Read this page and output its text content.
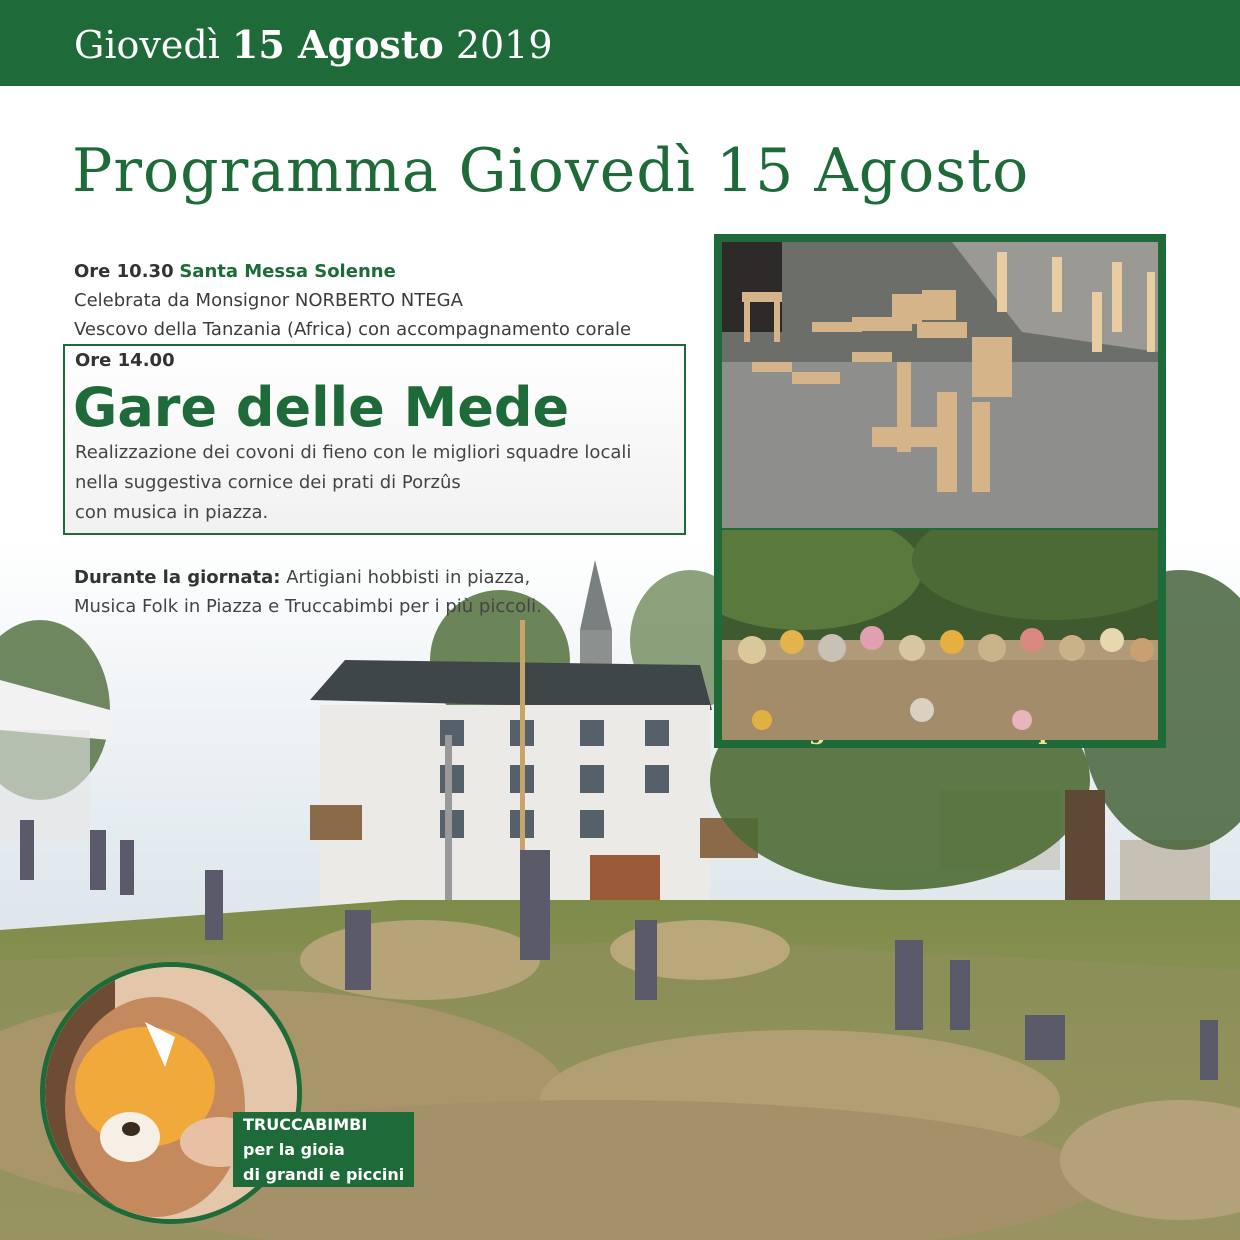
Giovedì 15 Agosto 2019
Programma Giovedì 15 Agosto
Ore 10.30 Santa Messa Solenne
Celebrata da Monsignor NORBERTO NTEGA
Vescovo della Tanzania (Africa) con accompagnamento corale
Ore 14.00
Gare delle Mede
Realizzazione dei covoni di fieno con le migliori squadre locali
nella suggestiva cornice dei prati di Porzûs
con musica in piazza.
Durante la giornata: Artigiani hobbisti in piazza,
Musica Folk in Piazza e Truccabimbi per i più piccoli.
TRUCCABIMBI
per la gioia
di grandi e piccini
